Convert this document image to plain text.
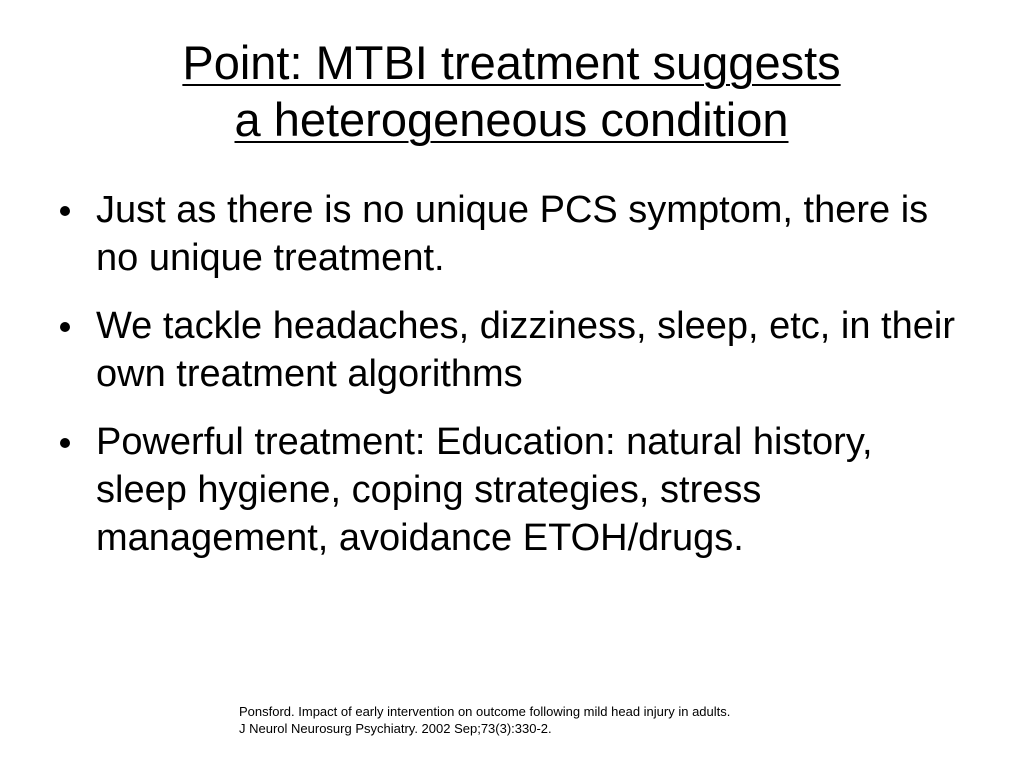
Point: MTBI treatment suggests
a heterogeneous condition
Just as there is no unique PCS symptom, there is no unique treatment.
We tackle headaches, dizziness, sleep, etc, in their own treatment algorithms
Powerful treatment: Education: natural history, sleep hygiene, coping strategies, stress management, avoidance ETOH/drugs.
Ponsford. Impact of early intervention on outcome following mild head injury in adults.
J Neurol Neurosurg Psychiatry. 2002 Sep;73(3):330-2.
